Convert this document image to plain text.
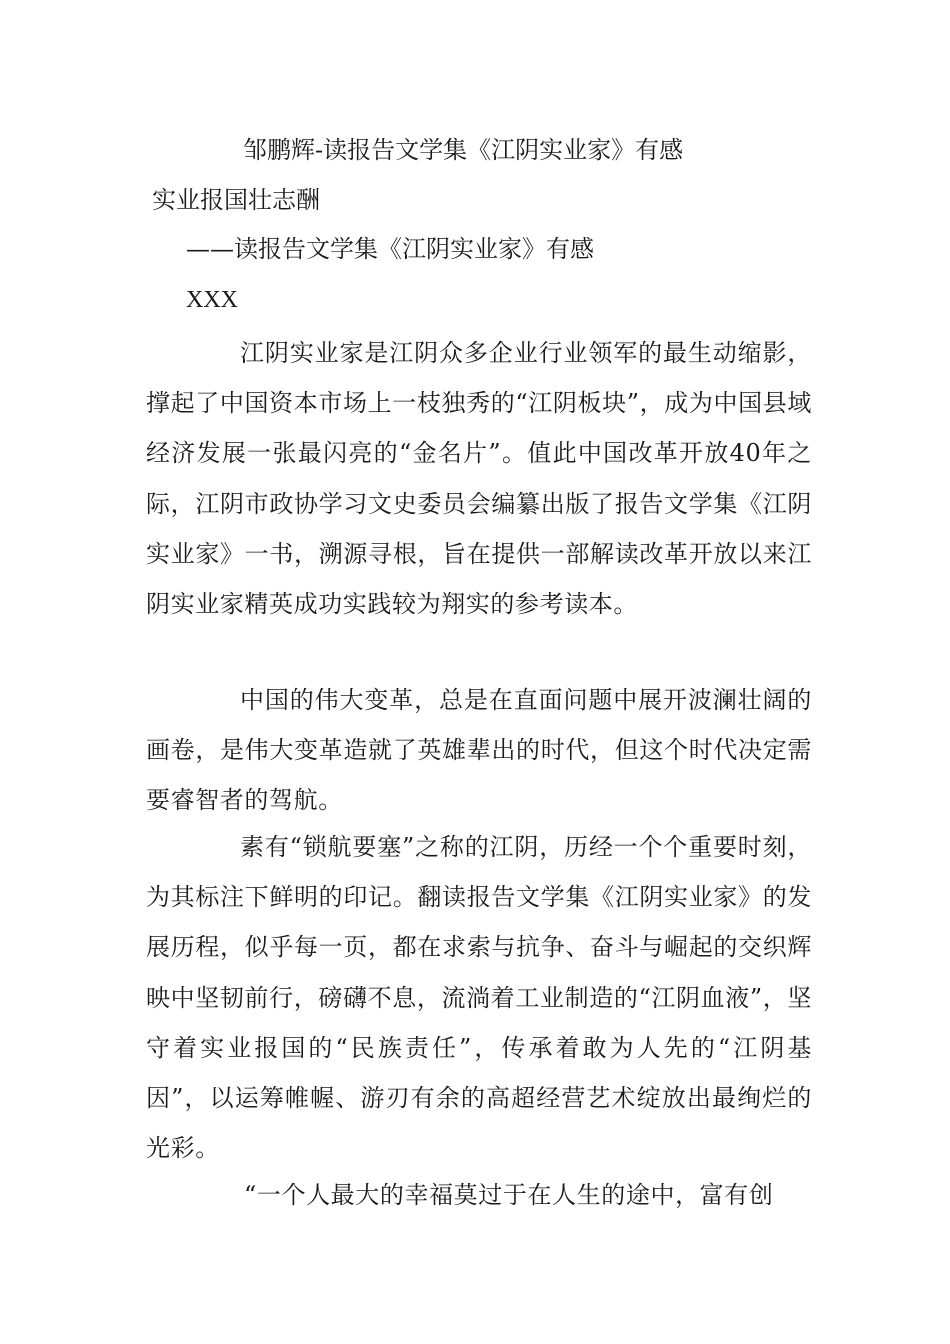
邹鹏辉-读报告文学集《江阴实业家》有感
实业报国壮志酬
——读报告文学集《江阴实业家》有感
XXX

江阴实业家是江阴众多企业行业领军的最生动缩影，撑起了中国资本市场上一枝独秀的“江阴板块”，成为中国县域经济发展一张最闪亮的“金名片”。值此中国改革开放40年之际，江阴市政协学习文史委员会编纂出版了报告文学集《江阴实业家》一书，溯源寻根，旨在提供一部解读改革开放以来江阴实业家精英成功实践较为翔实的参考读本。

中国的伟大变革，总是在直面问题中展开波澜壮阔的画卷，是伟大变革造就了英雄辈出的时代，但这个时代决定需要睿智者的驾航。

素有“锁航要塞”之称的江阴，历经一个个重要时刻，为其标注下鲜明的印记。翻读报告文学集《江阴实业家》的发展历程，似乎每一页，都在求索与抗争、奋斗与崛起的交织辉映中坚韧前行，磅礴不息，流淌着工业制造的“江阴血液”，坚守着实业报国的“民族责任”，传承着敢为人先的“江阴基因”，以运筹帷幄、游刃有余的高超经营艺术绽放出最绚烂的光彩。

“一个人最大的幸福莫过于在人生的途中，富有创
